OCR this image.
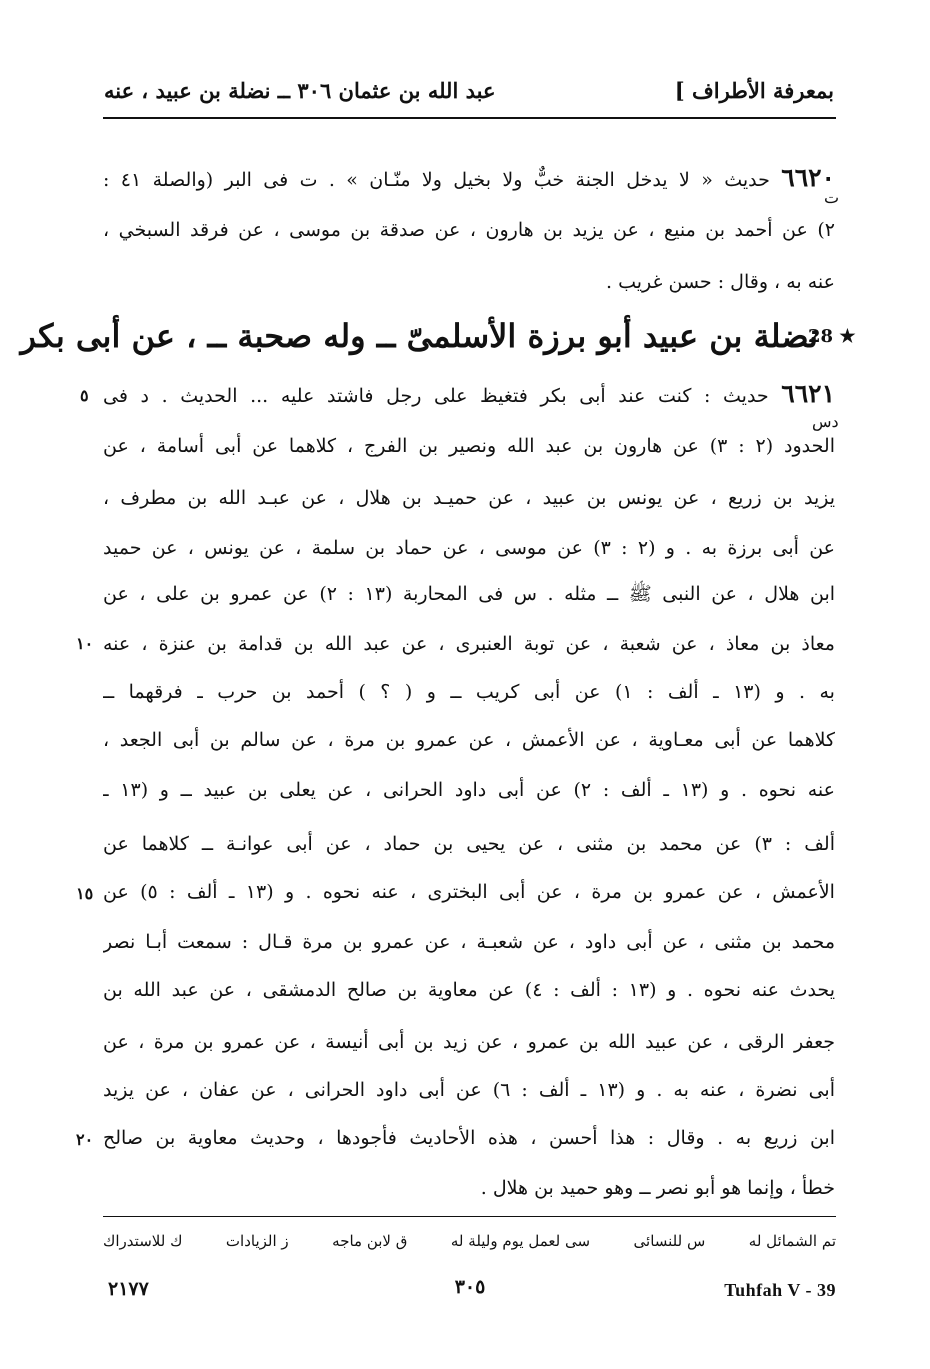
بمعرفة الأطراف ]
عبد الله بن عثمان ٣٠٦ ــ نضلة بن عبيد ، عنه
٦٦٢٠ حديث « لا يدخل الجنة خبٌّ ولا بخيل ولا منّـان » . ت فى البر (والصلة ٤١ :
ت
٢) عن أحمد بن منيع ، عن يزيد بن هارون ، عن صدقة بن موسى ، عن فرقد السبخي ،
عنه به ، وقال : حسن غريب .
28 ★
نضلة بن عبيد أبو برزة الأسلمىّ ــ وله صحبة ــ ، عن أبى بكر
٥	٦٦٢١ حديث : كنت عند أبى بكر فتغيظ على رجل فاشتد عليه ... الحديث . د فى
دس
الحدود (٢ : ٣) عن هارون بن عبد الله ونصير بن الفرج ، كلاهما عن أبى أسامة ، عن
يزيد بن زريع ، عن يونس بن عبيد ، عن حميـد بن هلال ، عن عبـد الله بن مطرف ،
عن أبى برزة به . و (٢ : ٣) عن موسى ، عن حماد بن سلمة ، عن يونس ، عن حميد
ابن هلال ، عن النبى ﷺ ــ مثله . س فى المحاربة (١٣ : ٢) عن عمرو بن على ، عن
١٠ معاذ بن معاذ ، عن شعبة ، عن توبة العنبرى ، عن عبد الله بن قدامة بن عنزة ، عنه
به . و (١٣ ـ ألف : ١) عن أبى كريب ــ و ( ؟ ) أحمد بن حرب ـ فرقهما ــ
كلاهما عن أبى معـاوية ، عن الأعمش ، عن عمرو بن مرة ، عن سالم بن أبى الجعد ،
عنه نحوه . و (١٣ ـ ألف : ٢) عن أبى داود الحرانى ، عن يعلى بن عبيد ــ و (١٣ ـ
ألف : ٣) عن محمد بن مثنى ، عن يحيى بن حماد ، عن أبى عوانـة ــ كلاهما عن
١٥ الأعمش ، عن عمرو بن مرة ، عن أبى البخترى ، عنه نحوه . و (١٣ ـ ألف : ٥) عن
محمد بن مثنى ، عن أبى داود ، عن شعبـة ، عن عمرو بن مرة قـال : سمعت أبـا نصر
يحدث عنه نحوه . و (١٣ : ألف : ٤) عن معاوية بن صالح الدمشقى ، عن عبد الله بن
جعفر الرقى ، عن عبيد الله بن عمرو ، عن زيد بن أبى أنيسة ، عن عمرو بن مرة ، عن
أبى نضرة ، عنه به . و (١٣ ـ ألف : ٦) عن أبى داود الحرانى ، عن عفان ، عن يزيد
٢٠ ابن زريع به . وقال : هذا أحسن ، هذه الأحاديث فأجودها ، وحديث معاوية بن صالح
خطأ ، وإنما هو أبو نصر ــ وهو حميد بن هلال .
تم الشمائل له
س للنسائى
سى لعمل يوم وليلة له
ق لابن ماجه
ز الزيادات
ك للاستدراك
٢١٧٧	٣٠٥	Tuhfah V - 39
